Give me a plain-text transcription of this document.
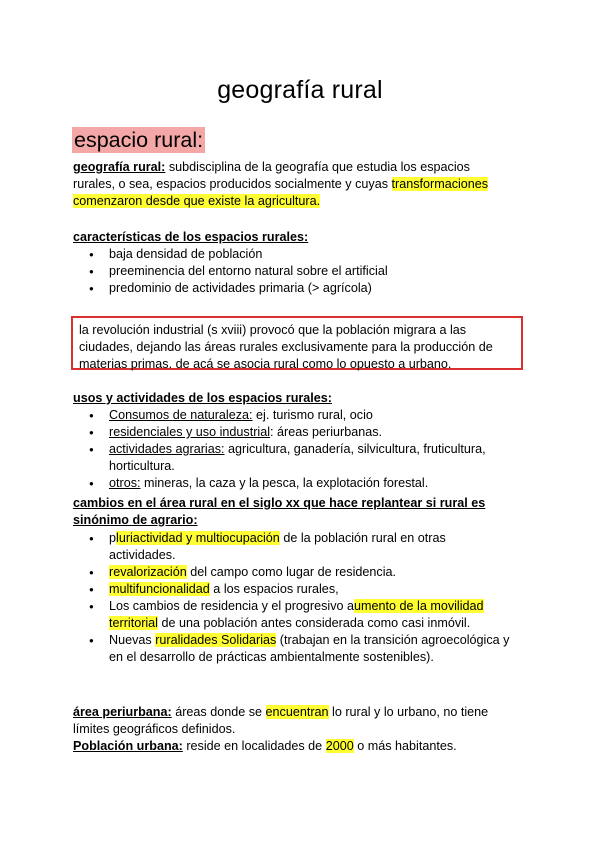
geografía rural
espacio rural:
geografía rural: subdisciplina de la geografía que estudia los espacios rurales, o sea, espacios producidos socialmente y cuyas transformaciones comenzaron desde que existe la agricultura.
características de los espacios rurales:
● baja densidad de población
● preeminencia del entorno natural sobre el artificial
● predominio de actividades primaria (> agrícola)
la revolución industrial (s xviii) provocó que la población migrara a las ciudades, dejando las áreas rurales exclusivamente para la producción de materias primas. de acá se asocia rural como lo opuesto a urbano.
usos y actividades de los espacios rurales:
● Consumos de naturaleza: ej. turismo rural, ocio
● residenciales y uso industrial: áreas periurbanas.
● actividades agrarias: agricultura, ganadería, silvicultura, fruticultura, horticultura.
● otros: mineras, la caza y la pesca, la explotación forestal.
cambios en el área rural en el siglo xx que hace replantear si rural es sinónimo de agrario:
● pluriactividad y multiocupación de la población rural en otras actividades.
● revalorización del campo como lugar de residencia.
● multifuncionalidad a los espacios rurales,
● Los cambios de residencia y el progresivo aumento de la movilidad territorial de una población antes considerada como casi inmóvil.
● Nuevas ruralidades Solidarias (trabajan en la transición agroecológica y en el desarrollo de prácticas ambientalmente sostenibles).
área periurbana: áreas donde se encuentran lo rural y lo urbano, no tiene límites geográficos definidos.
Población urbana: reside en localidades de 2000 o más habitantes.
